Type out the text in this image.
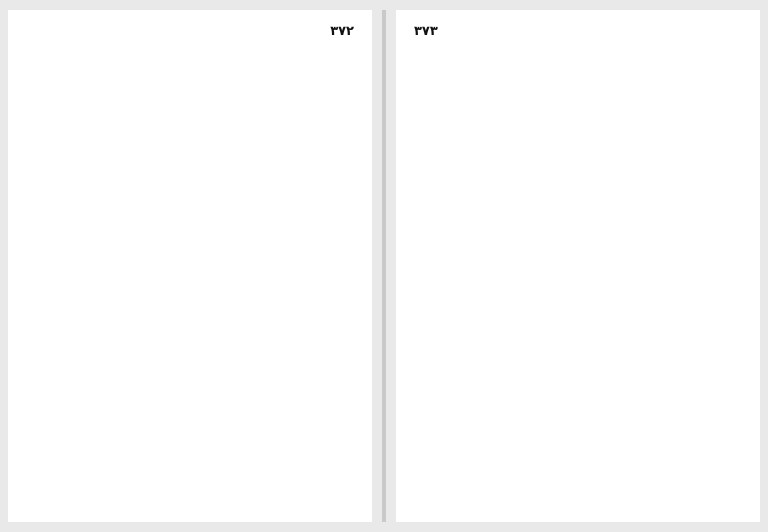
۳۷۲	۳۷۳
